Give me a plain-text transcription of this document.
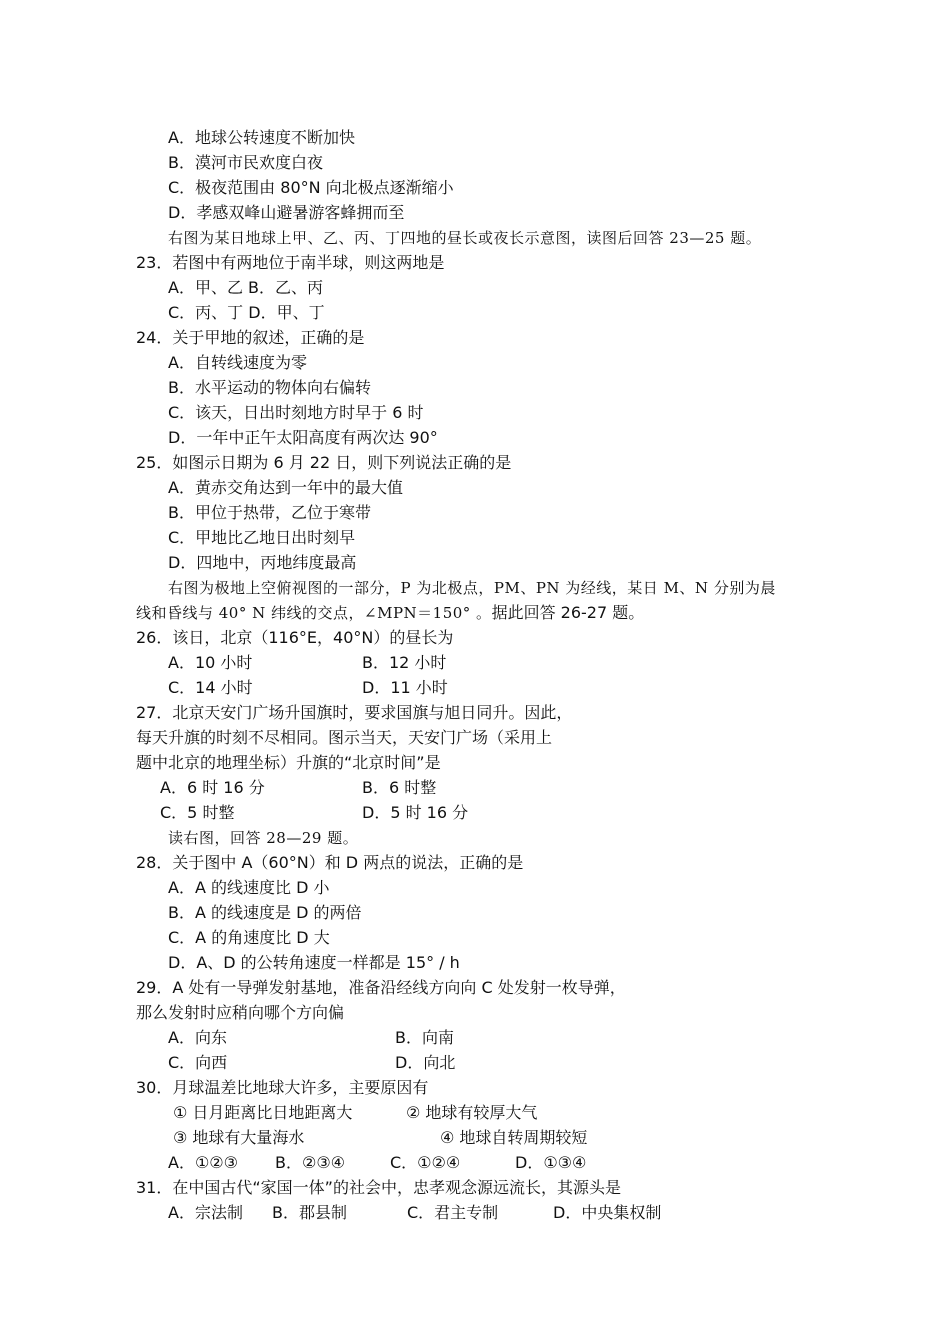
A．地球公转速度不断加快
B．漠河市民欢度白夜
C．极夜范围由 80°N 向北极点逐渐缩小
D．孝感双峰山避暑游客蜂拥而至
右图为某日地球上甲、乙、丙、丁四地的昼长或夜长示意图，读图后回答 23—25 题。
23．若图中有两地位于南半球，则这两地是
A．甲、乙 B．乙、丙
C．丙、丁 D．甲、丁
24．关于甲地的叙述，正确的是
A．自转线速度为零
B．水平运动的物体向右偏转
C．该天，日出时刻地方时早于 6 时
D．一年中正午太阳高度有两次达 90°
25．如图示日期为 6 月 22 日，则下列说法正确的是
A．黄赤交角达到一年中的最大值
B．甲位于热带，乙位于寒带
C．甲地比乙地日出时刻早
D．四地中，丙地纬度最高
右图为极地上空俯视图的一部分，P 为北极点，PM、PN 为经线，某日 M、N 分别为晨
线和昏线与 40° N 纬线的交点，∠MPN＝150° 。据此回答 26-27 题。
26．该日，北京（116°E，40°N）的昼长为
A．10 小时	B．12 小时
C．14 小时	D．11 小时
27．北京天安门广场升国旗时，要求国旗与旭日同升。因此，
每天升旗的时刻不尽相同。图示当天，天安门广场（采用上
题中北京的地理坐标）升旗的“北京时间”是
A．6 时 16 分	B．6 时整
C．5 时整	D．5 时 16 分
读右图，回答 28—29 题。
28．关于图中 A（60°N）和 D 两点的说法，正确的是
A．A 的线速度比 D 小
B．A 的线速度是 D 的两倍
C．A 的角速度比 D 大
D．A、D 的公转角速度一样都是 15° / h
29．A 处有一导弹发射基地，准备沿经线方向向 C 处发射一枚导弹，
那么发射时应稍向哪个方向偏
A．向东	B．向南
C．向西	D．向北
30．月球温差比地球大许多，主要原因有
① 日月距离比日地距离大	② 地球有较厚大气
③ 地球有大量海水	④ 地球自转周期较短
A．①②③ B．②③④	C．①②④	D．①③④
31．在中国古代“家国一体”的社会中，忠孝观念源远流长，其源头是
A．宗法制 B．郡县制	C．君主专制	D．中央集权制
